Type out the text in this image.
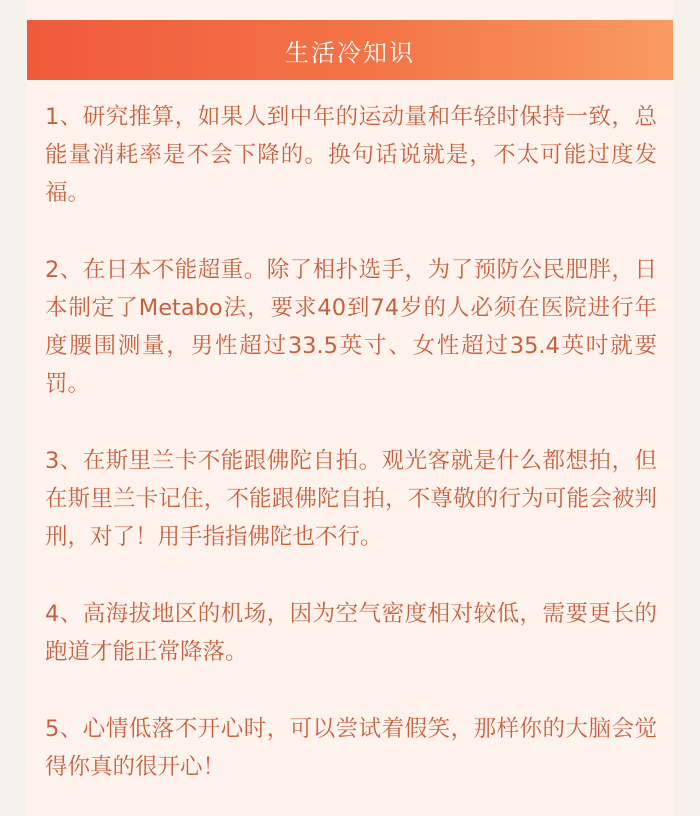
生活冷知识

1、研究推算，如果人到中年的运动量和年轻时保持一致，总能量消耗率是不会下降的。换句话说就是，不太可能过度发福。

2、在日本不能超重。除了相扑选手，为了预防公民肥胖，日本制定了Metabo法，要求40到74岁的人必须在医院进行年度腰围测量，男性超过33.5英寸、女性超过35.4英吋就要罚。

3、在斯里兰卡不能跟佛陀自拍。观光客就是什么都想拍，但在斯里兰卡记住，不能跟佛陀自拍，不尊敬的行为可能会被判刑，对了！用手指指佛陀也不行。

4、高海拔地区的机场，因为空气密度相对较低，需要更长的跑道才能正常降落。

5、心情低落不开心时，可以尝试着假笑，那样你的大脑会觉得你真的很开心！
